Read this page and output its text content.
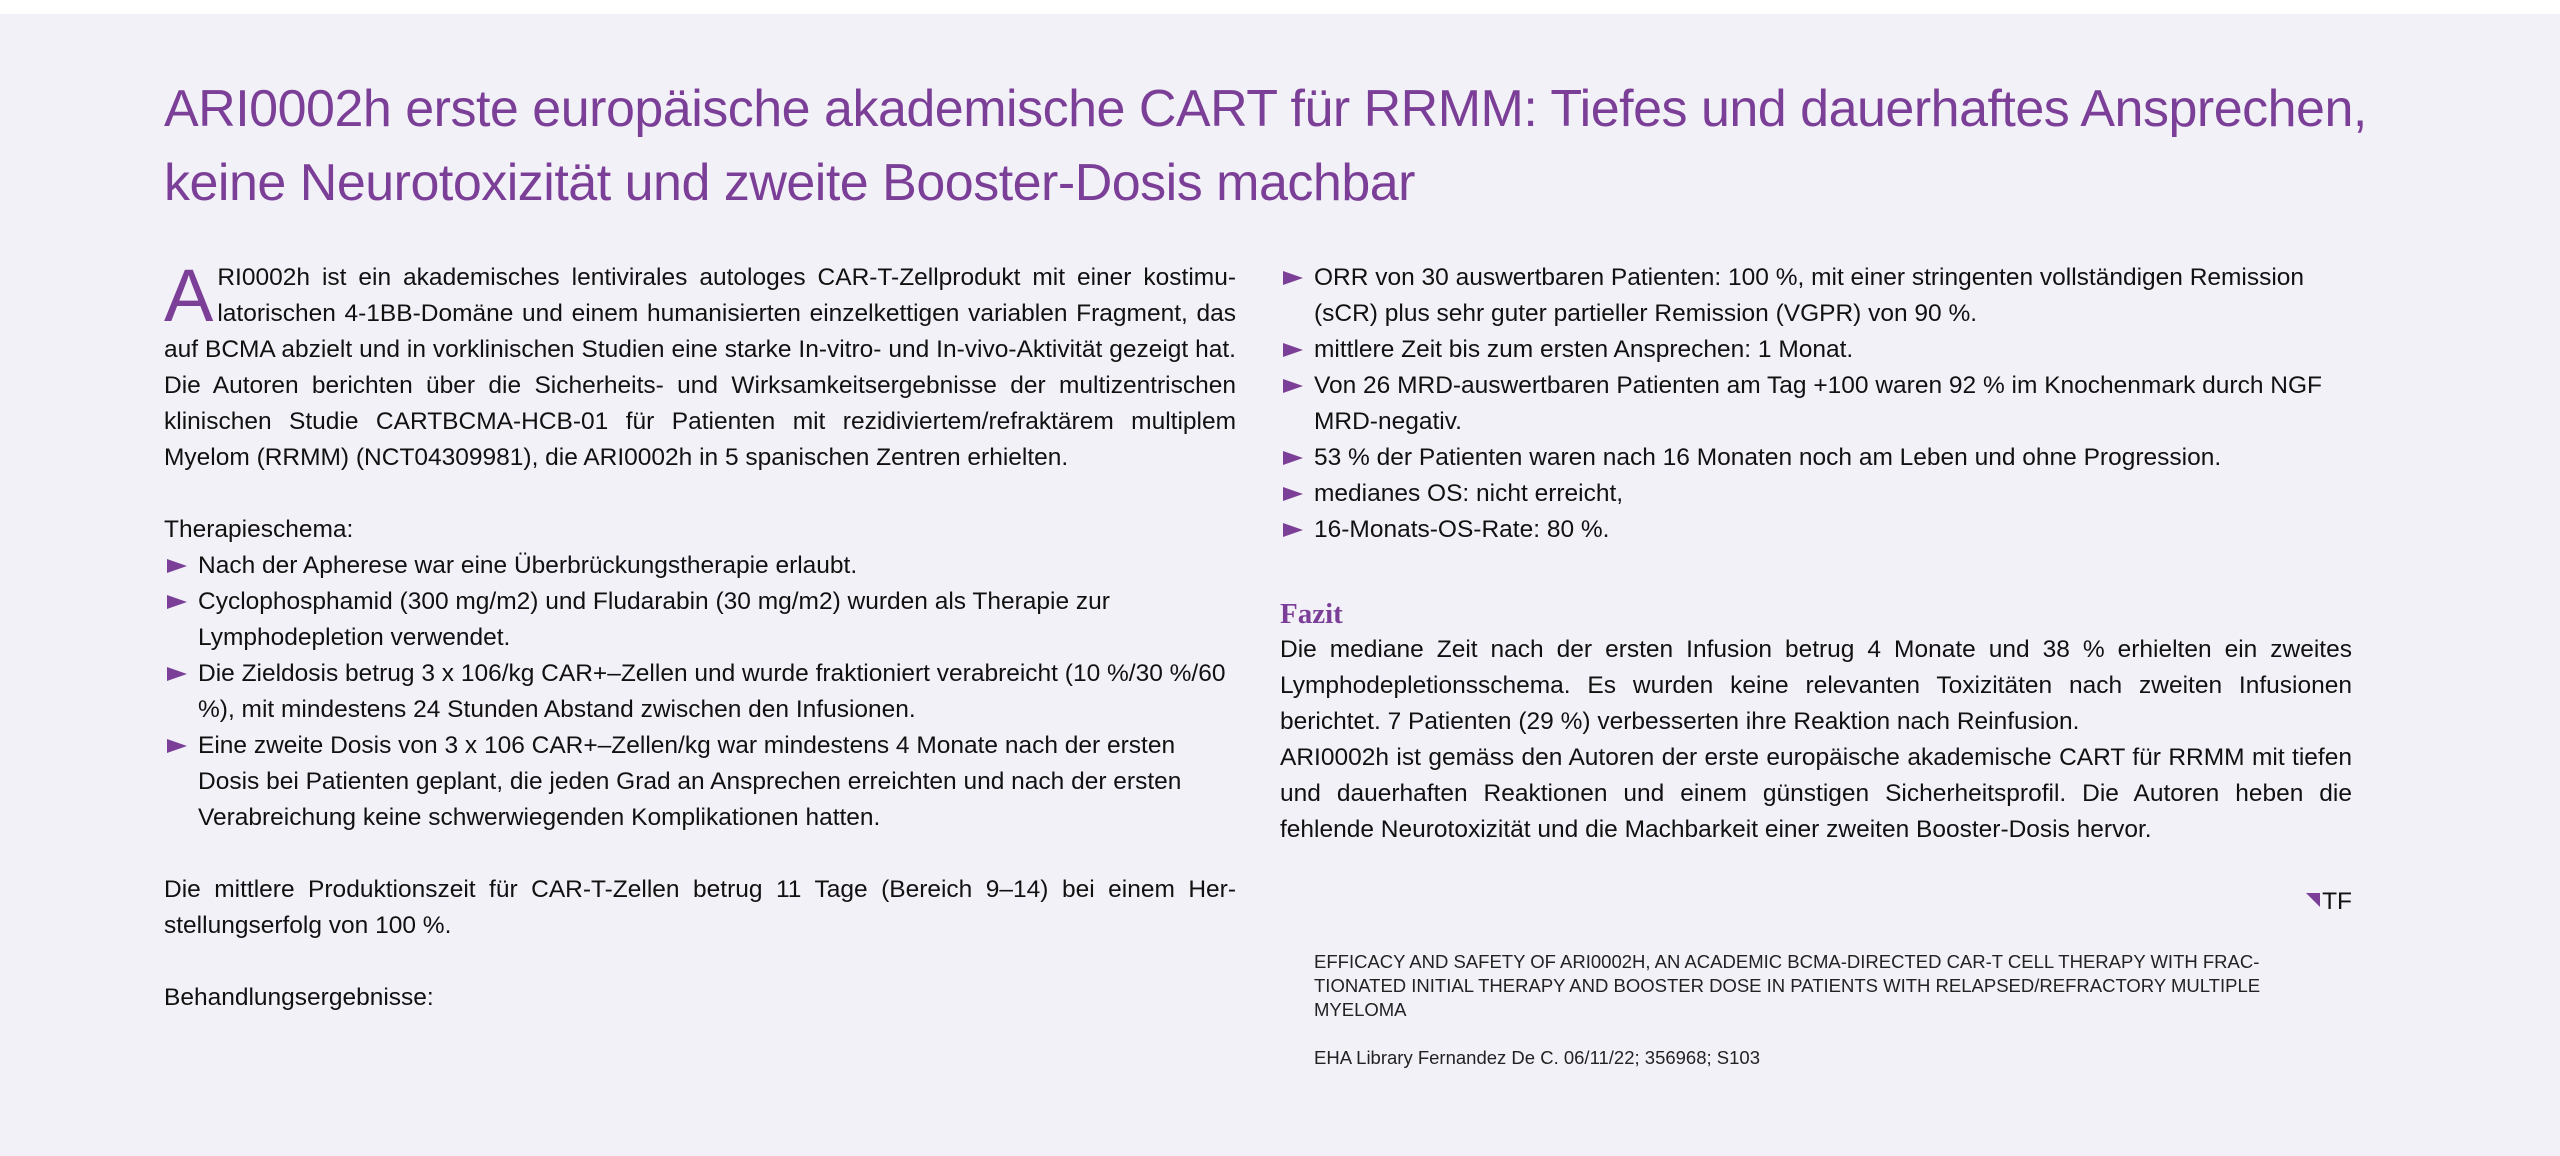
ARI0002h erste europäische akademische CART für RRMM: Tiefes und dauerhaftes Ansprechen, keine Neurotoxizität und zweite Booster-Dosis machbar

ARI0002h ist ein akademisches lentivirales autologes CAR-T-Zellprodukt mit einer kostimulatorischen 4-1BB-Domäne und einem humanisierten einzelkettigen variablen Fragment, das auf BCMA abzielt und in vorklinischen Studien eine starke In-vitro- und In-vivo-Aktivität gezeigt hat. Die Autoren berichten über die Sicherheits- und Wirksamkeitsergebnisse der multizentrischen klinischen Studie CARTBCMA-HCB-01 für Patienten mit rezidiviertem/refraktärem multiplem Myelom (RRMM) (NCT04309981), die ARI0002h in 5 spanischen Zentren erhielten.

Therapieschema:
Nach der Apherese war eine Überbrückungstherapie erlaubt.
Cyclophosphamid (300 mg/m2) und Fludarabin (30 mg/m2) wurden als Therapie zur Lymphodepletion verwendet.
Die Zieldosis betrug 3 x 106/kg CAR+–Zellen und wurde fraktioniert verabreicht (10 %/30 %/60 %), mit mindestens 24 Stunden Abstand zwischen den Infusionen.
Eine zweite Dosis von 3 x 106 CAR+–Zellen/kg war mindestens 4 Monate nach der ersten Dosis bei Patienten geplant, die jeden Grad an Ansprechen erreichten und nach der ersten Verabreichung keine schwerwiegenden Komplikationen hatten.

Die mittlere Produktionszeit für CAR-T-Zellen betrug 11 Tage (Bereich 9–14) bei einem Herstellungserfolg von 100 %.

Behandlungsergebnisse:
ORR von 30 auswertbaren Patienten: 100 %, mit einer stringenten vollständigen Remission (sCR) plus sehr guter partieller Remission (VGPR) von 90 %.
mittlere Zeit bis zum ersten Ansprechen: 1 Monat.
Von 26 MRD-auswertbaren Patienten am Tag +100 waren 92 % im Knochenmark durch NGF MRD-negativ.
53 % der Patienten waren nach 16 Monaten noch am Leben und ohne Progression.
medianes OS: nicht erreicht,
16-Monats-OS-Rate: 80 %.
Fazit

Die mediane Zeit nach der ersten Infusion betrug 4 Monate und 38 % erhielten ein zweites Lymphodepletionsschema. Es wurden keine relevanten Toxizitäten nach zweiten Infusionen berichtet. 7 Patienten (29 %) verbesserten ihre Reaktion nach Reinfusion.

ARI0002h ist gemäss den Autoren der erste europäische akademische CART für RRMM mit tiefen und dauerhaften Reaktionen und einem günstigen Sicherheitsprofil. Die Autoren heben die fehlende Neurotoxizität und die Machbarkeit einer zweiten Booster-Dosis hervor.

TF
EFFICACY AND SAFETY OF ARI0002H, AN ACADEMIC BCMA-DIRECTED CAR-T CELL THERAPY WITH FRACTIONATED INITIAL THERAPY AND BOOSTER DOSE IN PATIENTS WITH RELAPSED/REFRACTORY MULTIPLE MYELOMA
EHA Library Fernandez De C. 06/11/22; 356968; S103
